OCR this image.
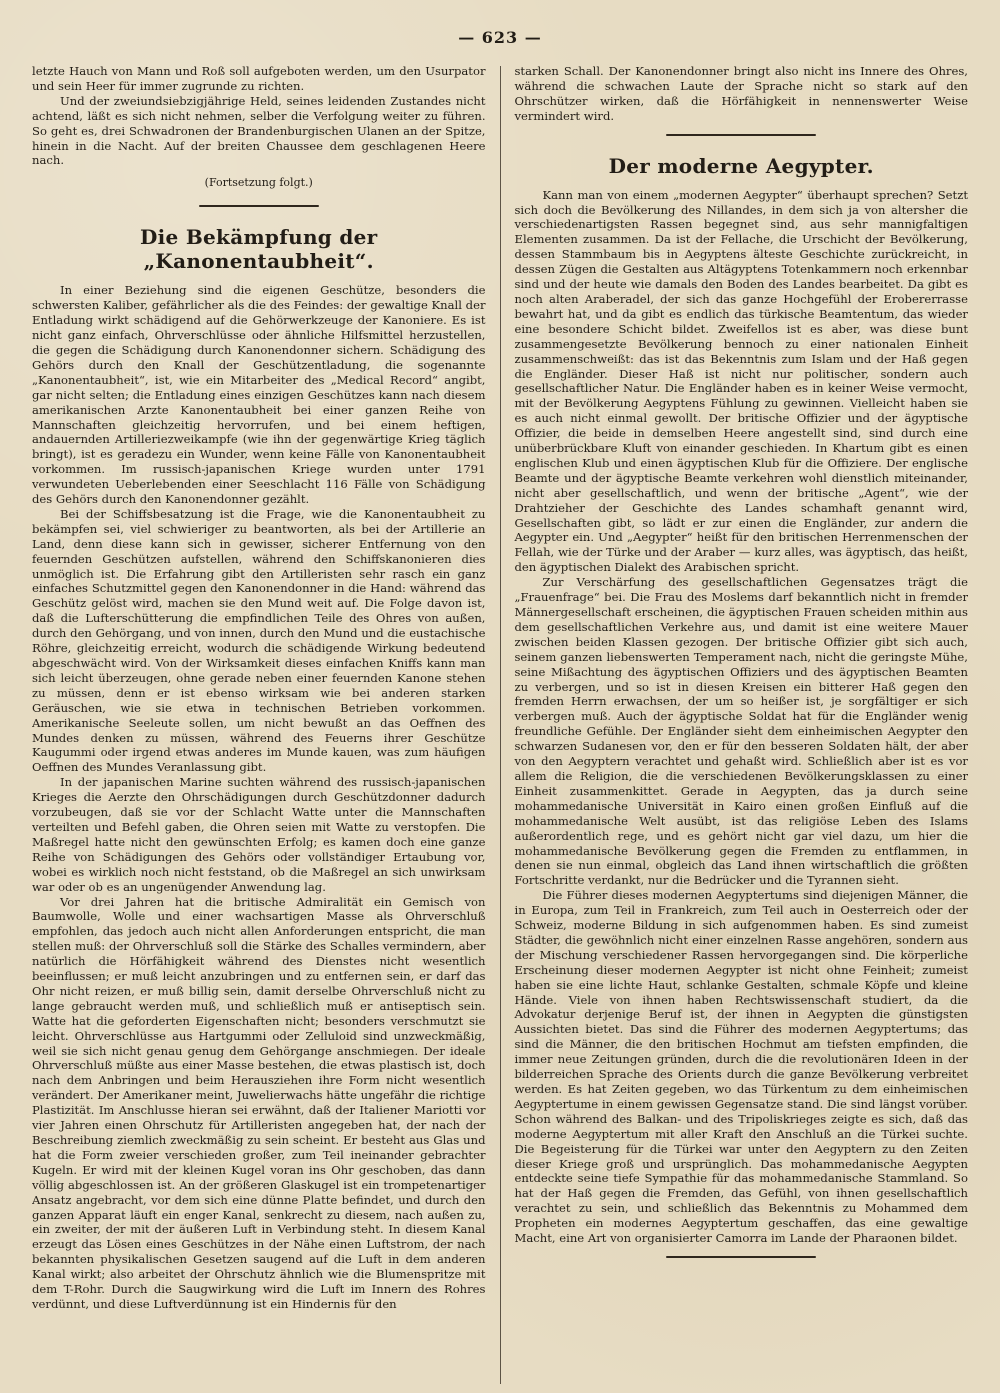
— 623 —

letzte Hauch von Mann und Roß soll aufgeboten werden, um den Usurpator und sein Heer für immer zugrunde zu richten.

Und der zweiundsiebzigjährige Held, seines leidenden Zustandes nicht achtend, läßt es sich nicht nehmen, selber die Verfolgung weiter zu führen. So geht es, drei Schwadronen der Brandenburgischen Ulanen an der Spitze, hinein in die Nacht. Auf der breiten Chaussee dem geschlagenen Heere nach.

(Fortsetzung folgt.)
Die Bekämpfung der „Kanonentaubheit“.

In einer Beziehung sind die eigenen Geschütze, besonders die schwersten Kaliber, gefährlicher als die des Feindes: der gewaltige Knall der Entladung wirkt schädigend auf die Gehörwerkzeuge der Kanoniere. Es ist nicht ganz einfach, Ohrverschlüsse oder ähnliche Hilfsmittel herzustellen, die gegen die Schädigung durch Kanonendonner sichern. Schädigung des Gehörs durch den Knall der Geschützentladung, die sogenannte „Kanonentaubheit“, ist, wie ein Mitarbeiter des „Medical Record“ angibt, gar nicht selten; die Entladung eines einzigen Geschützes kann nach diesem amerikanischen Arzte Kanonentaubheit bei einer ganzen Reihe von Mannschaften gleichzeitig hervorrufen, und bei einem heftigen, andauernden Artilleriezweikampfe (wie ihn der gegenwärtige Krieg täglich bringt), ist es geradezu ein Wunder, wenn keine Fälle von Kanonentaubheit vorkommen. Im russisch-japanischen Kriege wurden unter 1791 verwundeten Ueberlebenden einer Seeschlacht 116 Fälle von Schädigung des Gehörs durch den Kanonendonner gezählt.

Bei der Schiffsbesatzung ist die Frage, wie die Kanonentaubheit zu bekämpfen sei, viel schwieriger zu beantworten, als bei der Artillerie an Land, denn diese kann sich in gewisser, sicherer Entfernung von den feuernden Geschützen aufstellen, während den Schiffskanonieren dies unmöglich ist. Die Erfahrung gibt den Artilleristen sehr rasch ein ganz einfaches Schutzmittel gegen den Kanonendonner in die Hand: während das Geschütz gelöst wird, machen sie den Mund weit auf. Die Folge davon ist, daß die Lufterschütterung die empfindlichen Teile des Ohres von außen, durch den Gehörgang, und von innen, durch den Mund und die eustachische Röhre, gleichzeitig erreicht, wodurch die schädigende Wirkung bedeutend abgeschwächt wird. Von der Wirksamkeit dieses einfachen Kniffs kann man sich leicht überzeugen, ohne gerade neben einer feuernden Kanone stehen zu müssen, denn er ist ebenso wirksam wie bei anderen starken Geräuschen, wie sie etwa in technischen Betrieben vorkommen. Amerikanische Seeleute sollen, um nicht bewußt an das Oeffnen des Mundes denken zu müssen, während des Feuerns ihrer Geschütze Kaugummi oder irgend etwas anderes im Munde kauen, was zum häufigen Oeffnen des Mundes Veranlassung gibt.

In der japanischen Marine suchten während des russisch-japanischen Krieges die Aerzte den Ohrschädigungen durch Geschützdonner dadurch vorzubeugen, daß sie vor der Schlacht Watte unter die Mannschaften verteilten und Befehl gaben, die Ohren seien mit Watte zu verstopfen. Die Maßregel hatte nicht den gewünschten Erfolg; es kamen doch eine ganze Reihe von Schädigungen des Gehörs oder vollständiger Ertaubung vor, wobei es wirklich noch nicht feststand, ob die Maßregel an sich unwirksam war oder ob es an ungenügender Anwendung lag.

Vor drei Jahren hat die britische Admiralität ein Gemisch von Baumwolle, Wolle und einer wachsartigen Masse als Ohrverschluß empfohlen, das jedoch auch nicht allen Anforderungen entspricht, die man stellen muß: der Ohrverschluß soll die Stärke des Schalles vermindern, aber natürlich die Hörfähigkeit während des Dienstes nicht wesentlich beeinflussen; er muß leicht anzubringen und zu entfernen sein, er darf das Ohr nicht reizen, er muß billig sein, damit derselbe Ohrverschluß nicht zu lange gebraucht werden muß, und schließlich muß er antiseptisch sein. Watte hat die geforderten Eigenschaften nicht; besonders verschmutzt sie leicht. Ohrverschlüsse aus Hartgummi oder Zelluloid sind unzweckmäßig, weil sie sich nicht genau genug dem Gehörgange anschmiegen. Der ideale Ohrverschluß müßte aus einer Masse bestehen, die etwas plastisch ist, doch nach dem Anbringen und beim Herausziehen ihre Form nicht wesentlich verändert. Der Amerikaner meint, Juwelierwachs hätte ungefähr die richtige Plastizität. Im Anschlusse hieran sei erwähnt, daß der Italiener Mariotti vor vier Jahren einen Ohrschutz für Artilleristen angegeben hat, der nach der Beschreibung ziemlich zweckmäßig zu sein scheint. Er besteht aus Glas und hat die Form zweier verschieden großer, zum Teil ineinander gebrachter Kugeln. Er wird mit der kleinen Kugel voran ins Ohr geschoben, das dann völlig abgeschlossen ist. An der größeren Glaskugel ist ein trompetenartiger Ansatz angebracht, vor dem sich eine dünne Platte befindet, und durch den ganzen Apparat läuft ein enger Kanal, senkrecht zu diesem, nach außen zu, ein zweiter, der mit der äußeren Luft in Verbindung steht. In diesem Kanal erzeugt das Lösen eines Geschützes in der Nähe einen Luftstrom, der nach bekannten physikalischen Gesetzen saugend auf die Luft in dem anderen Kanal wirkt; also arbeitet der Ohrschutz ähnlich wie die Blumenspritze mit dem T-Rohr. Durch die Saugwirkung wird die Luft im Innern des Rohres verdünnt, und diese Luftverdünnung ist ein Hindernis für den

starken Schall. Der Kanonendonner bringt also nicht ins Innere des Ohres, während die schwachen Laute der Sprache nicht so stark auf den Ohrschützer wirken, daß die Hörfähigkeit in nennenswerter Weise vermindert wird.

Der moderne Aegypter.

Kann man von einem „modernen Aegypter“ überhaupt sprechen? Setzt sich doch die Bevölkerung des Nillandes, in dem sich ja von altersher die verschiedenartigsten Rassen begegnet sind, aus sehr mannigfaltigen Elementen zusammen. Da ist der Fellache, die Urschicht der Bevölkerung, dessen Stammbaum bis in Aegyptens älteste Geschichte zurückreicht, in dessen Zügen die Gestalten aus Altägyptens Totenkammern noch erkennbar sind und der heute wie damals den Boden des Landes bearbeitet. Da gibt es noch alten Araberadel, der sich das ganze Hochgefühl der Erobererrasse bewahrt hat, und da gibt es endlich das türkische Beamtentum, das wieder eine besondere Schicht bildet. Zweifellos ist es aber, was diese bunt zusammengesetzte Bevölkerung bennoch zu einer nationalen Einheit zusammenschweißt: das ist das Bekenntnis zum Islam und der Haß gegen die Engländer. Dieser Haß ist nicht nur politischer, sondern auch gesellschaftlicher Natur. Die Engländer haben es in keiner Weise vermocht, mit der Bevölkerung Aegyptens Fühlung zu gewinnen. Vielleicht haben sie es auch nicht einmal gewollt. Der britische Offizier und der ägyptische Offizier, die beide in demselben Heere angestellt sind, sind durch eine unüberbrückbare Kluft von einander geschieden. In Khartum gibt es einen englischen Klub und einen ägyptischen Klub für die Offiziere. Der englische Beamte und der ägyptische Beamte verkehren wohl dienstlich miteinander, nicht aber gesellschaftlich, und wenn der britische „Agent“, wie der Drahtzieher der Geschichte des Landes schamhaft genannt wird, Gesellschaften gibt, so lädt er zur einen die Engländer, zur andern die Aegypter ein. Und „Aegypter“ heißt für den britischen Herrenmenschen der Fellah, wie der Türke und der Araber — kurz alles, was ägyptisch, das heißt, den ägyptischen Dialekt des Arabischen spricht.

Zur Verschärfung des gesellschaftlichen Gegensatzes trägt die „Frauenfrage“ bei. Die Frau des Moslems darf bekanntlich nicht in fremder Männergesellschaft erscheinen, die ägyptischen Frauen scheiden mithin aus dem gesellschaftlichen Verkehre aus, und damit ist eine weitere Mauer zwischen beiden Klassen gezogen. Der britische Offizier gibt sich auch, seinem ganzen liebenswerten Temperament nach, nicht die geringste Mühe, seine Mißachtung des ägyptischen Offiziers und des ägyptischen Beamten zu verbergen, und so ist in diesen Kreisen ein bitterer Haß gegen den fremden Herrn erwachsen, der um so heißer ist, je sorgfältiger er sich verbergen muß. Auch der ägyptische Soldat hat für die Engländer wenig freundliche Gefühle. Der Engländer sieht dem einheimischen Aegypter den schwarzen Sudanesen vor, den er für den besseren Soldaten hält, der aber von den Aegyptern verachtet und gehaßt wird. Schließlich aber ist es vor allem die Religion, die die verschiedenen Bevölkerungsklassen zu einer Einheit zusammenkittet. Gerade in Aegypten, das ja durch seine mohammedanische Universität in Kairo einen großen Einfluß auf die mohammedanische Welt ausübt, ist das religiöse Leben des Islams außerordentlich rege, und es gehört nicht gar viel dazu, um hier die mohammedanische Bevölkerung gegen die Fremden zu entflammen, in denen sie nun einmal, obgleich das Land ihnen wirtschaftlich die größten Fortschritte verdankt, nur die Bedrücker und die Tyrannen sieht.

Die Führer dieses modernen Aegyptertums sind diejenigen Männer, die in Europa, zum Teil in Frankreich, zum Teil auch in Oesterreich oder der Schweiz, moderne Bildung in sich aufgenommen haben. Es sind zumeist Städter, die gewöhnlich nicht einer einzelnen Rasse angehören, sondern aus der Mischung verschiedener Rassen hervorgegangen sind. Die körperliche Erscheinung dieser modernen Aegypter ist nicht ohne Feinheit; zumeist haben sie eine lichte Haut, schlanke Gestalten, schmale Köpfe und kleine Hände. Viele von ihnen haben Rechtswissenschaft studiert, da die Advokatur derjenige Beruf ist, der ihnen in Aegypten die günstigsten Aussichten bietet. Das sind die Führer des modernen Aegyptertums; das sind die Männer, die den britischen Hochmut am tiefsten empfinden, die immer neue Zeitungen gründen, durch die die revolutionären Ideen in der bilderreichen Sprache des Orients durch die ganze Bevölkerung verbreitet werden. Es hat Zeiten gegeben, wo das Türkentum zu dem einheimischen Aegyptertume in einem gewissen Gegensatze stand. Die sind längst vorüber. Schon während des Balkan- und des Tripoliskrieges zeigte es sich, daß das moderne Aegyptertum mit aller Kraft den Anschluß an die Türkei suchte. Die Begeisterung für die Türkei war unter den Aegyptern zu den Zeiten dieser Kriege groß und ursprünglich. Das mohammedanische Aegypten entdeckte seine tiefe Sympathie für das mohammedanische Stammland. So hat der Haß gegen die Fremden, das Gefühl, von ihnen gesellschaftlich verachtet zu sein, und schließlich das Bekenntnis zu Mohammed dem Propheten ein modernes Aegyptertum geschaffen, das eine gewaltige Macht, eine Art von organisierter Camorra im Lande der Pharaonen bildet.
